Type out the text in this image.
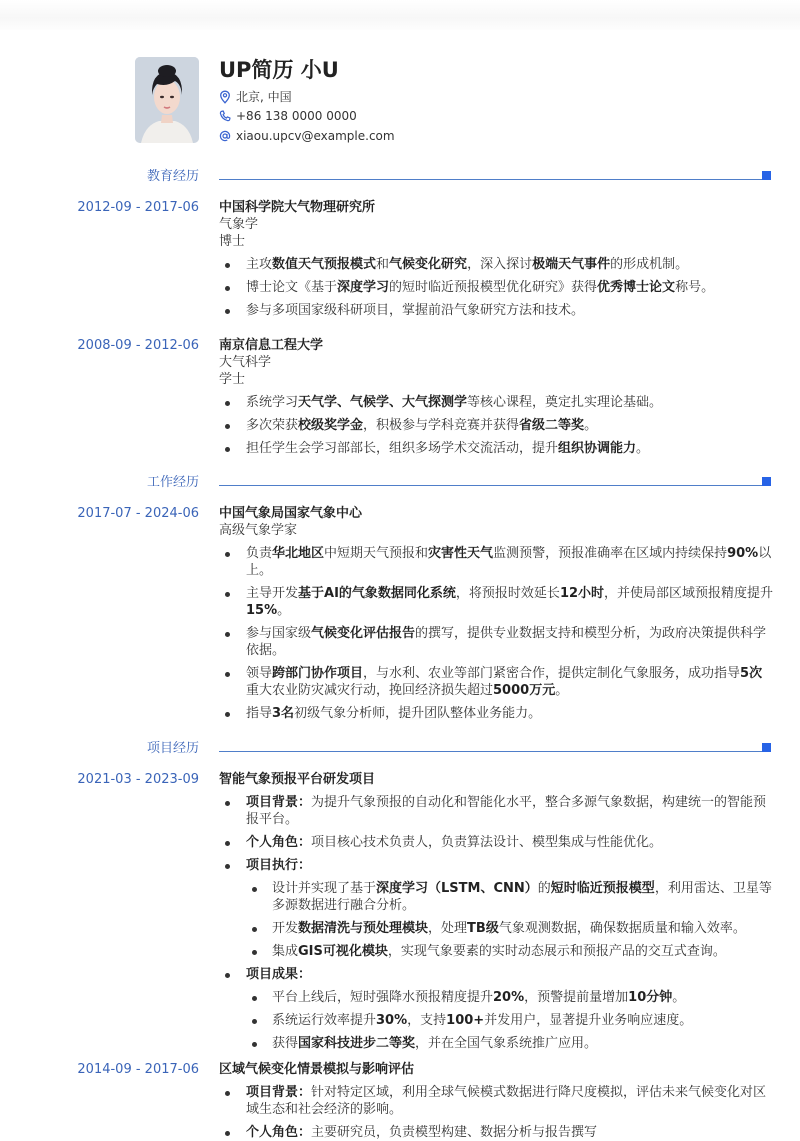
UP简历 小U
北京, 中国
+86 138 0000 0000
xiaou.upcv@example.com
教育经历
2012-09 - 2017-06 中国科学院大气物理研究所
气象学
博士
主攻数值天气预报模式和气候变化研究，深入探讨极端天气事件的形成机制。
博士论文《基于深度学习的短时临近预报模型优化研究》获得优秀博士论文称号。
参与多项国家级科研项目，掌握前沿气象研究方法和技术。
2008-09 - 2012-06 南京信息工程大学
大气科学
学士
系统学习天气学、气候学、大气探测学等核心课程，奠定扎实理论基础。
多次荣获校级奖学金，积极参与学科竞赛并获得省级二等奖。
担任学生会学习部部长，组织多场学术交流活动，提升组织协调能力。
工作经历
2017-07 - 2024-06 中国气象局国家气象中心
高级气象学家
负责华北地区中短期天气预报和灾害性天气监测预警，预报准确率在区域内持续保持90%以上。
主导开发基于AI的气象数据同化系统，将预报时效延长12小时，并使局部区域预报精度提升15%。
参与国家级气候变化评估报告的撰写，提供专业数据支持和模型分析，为政府决策提供科学依据。
领导跨部门协作项目，与水利、农业等部门紧密合作，提供定制化气象服务，成功指导5次重大农业防灾减灾行动，挽回经济损失超过5000万元。
指导3名初级气象分析师，提升团队整体业务能力。
项目经历
2021-03 - 2023-09 智能气象预报平台研发项目
项目背景：为提升气象预报的自动化和智能化水平，整合多源气象数据，构建统一的智能预报平台。
个人角色：项目核心技术负责人，负责算法设计、模型集成与性能优化。
项目执行：
设计并实现了基于深度学习（LSTM、CNN）的短时临近预报模型，利用雷达、卫星等多源数据进行融合分析。
开发数据清洗与预处理模块，处理TB级气象观测数据，确保数据质量和输入效率。
集成GIS可视化模块，实现气象要素的实时动态展示和预报产品的交互式查询。
项目成果：
平台上线后，短时强降水预报精度提升20%，预警提前量增加10分钟。
系统运行效率提升30%，支持100+并发用户，显著提升业务响应速度。
获得国家科技进步二等奖，并在全国气象系统推广应用。
2014-09 - 2017-06 区域气候变化情景模拟与影响评估
项目背景：针对特定区域，利用全球气候模式数据进行降尺度模拟，评估未来气候变化对区域生态和社会经济的影响。
个人角色：主要研究员，负责模型构建、数据分析与报告撰写
